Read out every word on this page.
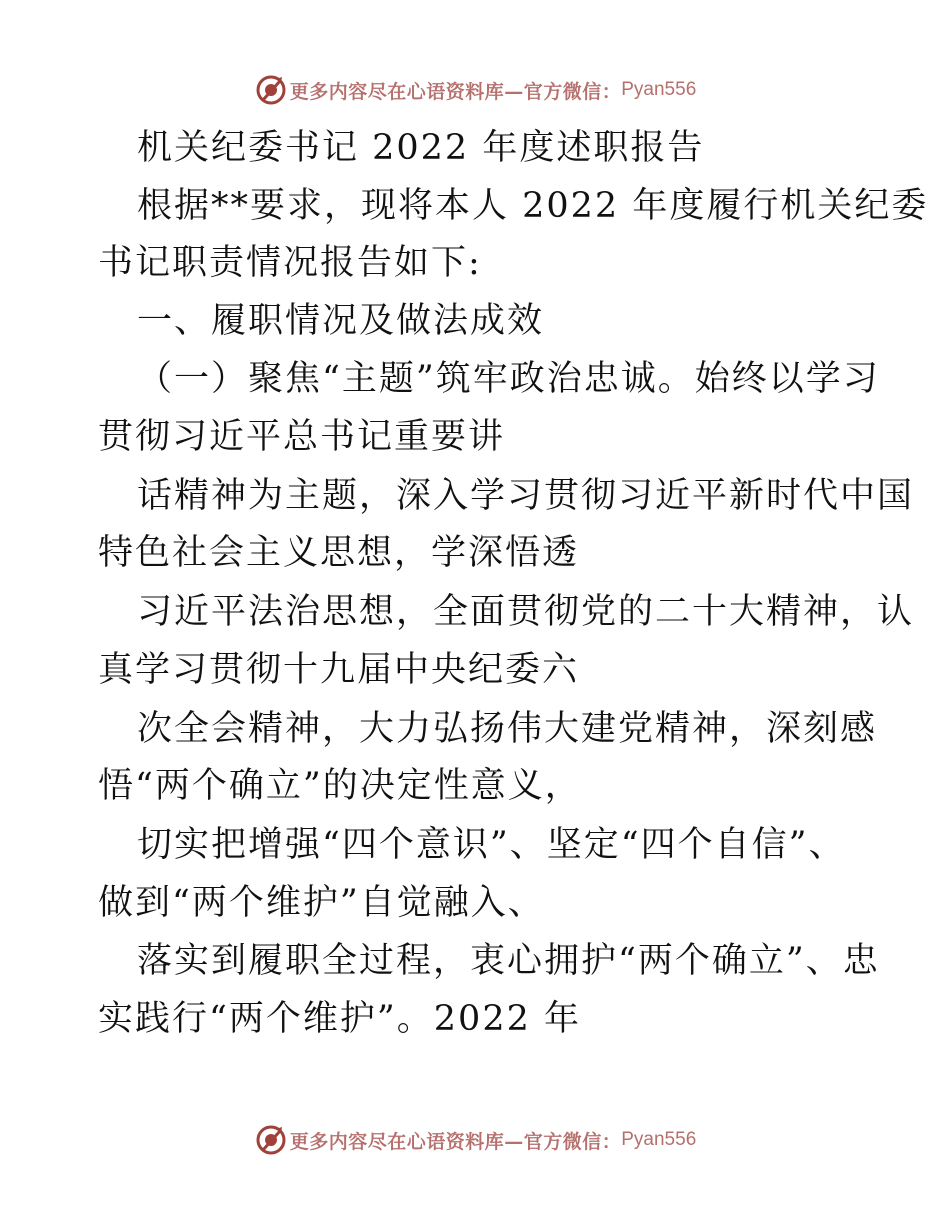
更多内容尽在心语资料库—官方微信： Pyan556
机关纪委书记 2022 年度述职报告
根据**要求，现将本人 2022 年度履行机关纪委
书记职责情况报告如下:
一、履职情况及做法成效
（一）聚焦“主题”筑牢政治忠诚。始终以学习
贯彻习近平总书记重要讲
话精神为主题，深入学习贯彻习近平新时代中国
特色社会主义思想，学深悟透
习近平法治思想，全面贯彻党的二十大精神，认
真学习贯彻十九届中央纪委六
次全会精神，大力弘扬伟大建党精神，深刻感
悟“两个确立”的决定性意义，
切实把增强“四个意识”、坚定“四个自信”、
做到“两个维护”自觉融入、
落实到履职全过程，衷心拥护“两个确立”、忠
实践行“两个维护”。2022 年
更多内容尽在心语资料库—官方微信： Pyan556
